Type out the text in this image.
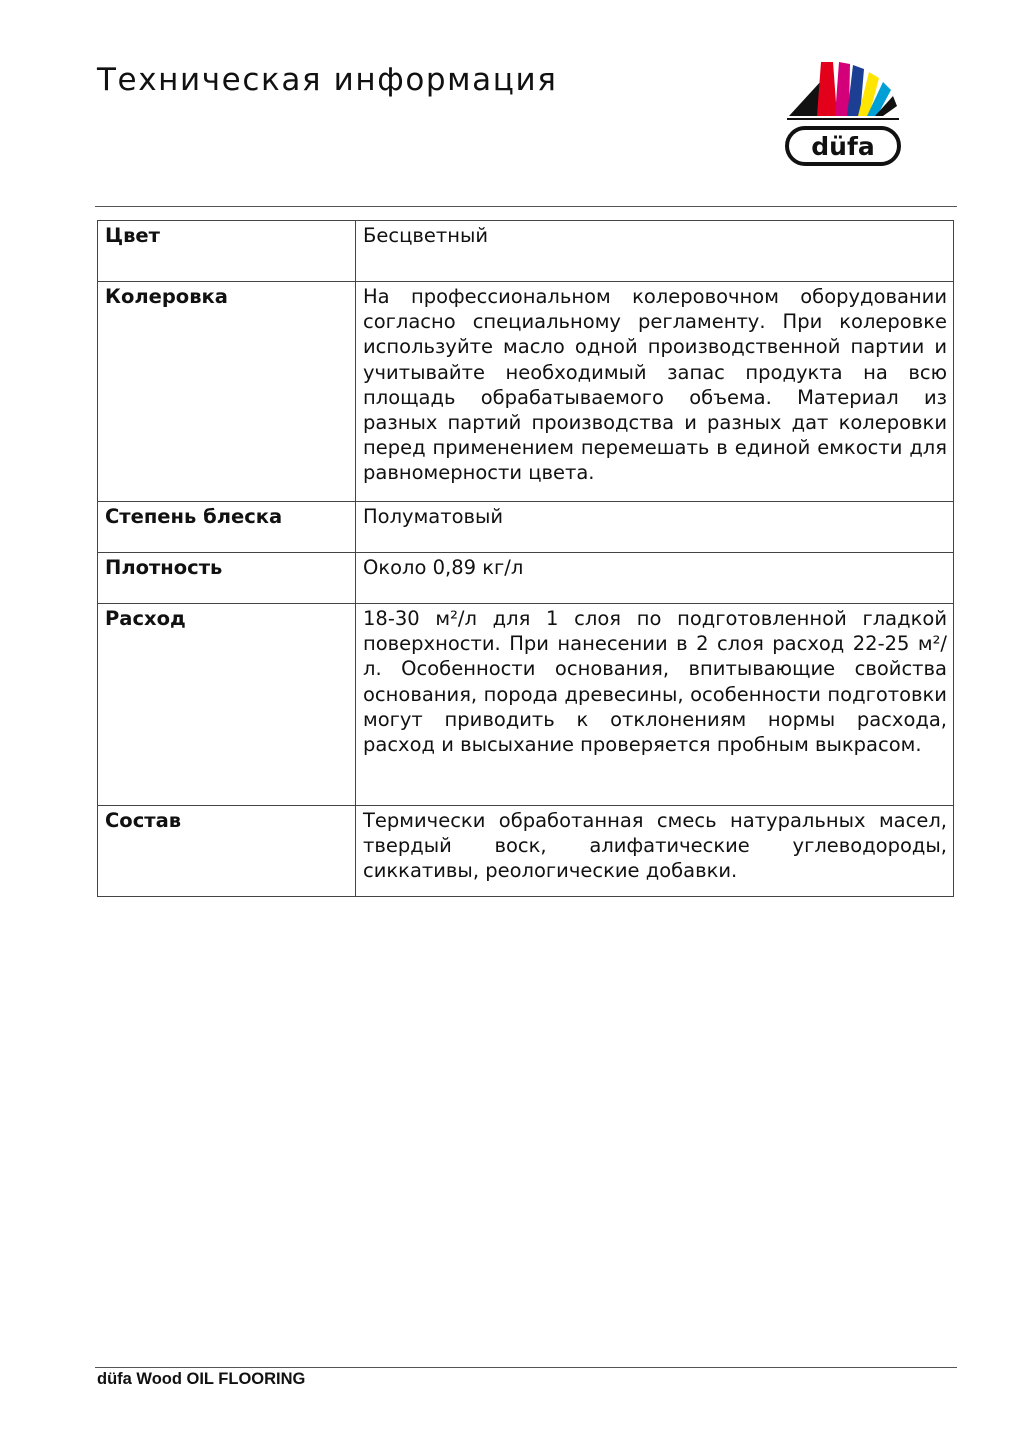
Техническая информация
düfa
Цвет	Бесцветный
Колеровка	На профессиональном колеровочном оборудовании согласно специальному регламенту. При колеровке используйте масло одной производственной партии и учитывайте необходимый запас продукта на всю площадь обрабатываемого объема. Материал из разных партий производства и разных дат колеровки перед применением перемешать в единой емкости для равномерности цвета.
Степень блеска	Полуматовый
Плотность	Около 0,89 кг/л
Расход	18-30 м²/л для 1 слоя по подготовленной гладкой поверхности. При нанесении в 2 слоя расход 22-25 м²/л. Особенности основания, впитывающие свойства основания, порода древесины, особенности подготовки могут приводить к отклонениям нормы расхода, расход и высыхание проверяется пробным выкрасом.
Состав	Термически обработанная смесь натуральных масел, твердый воск, алифатические углеводороды, сиккативы, реологические добавки.
düfa Wood OIL FLOORING
